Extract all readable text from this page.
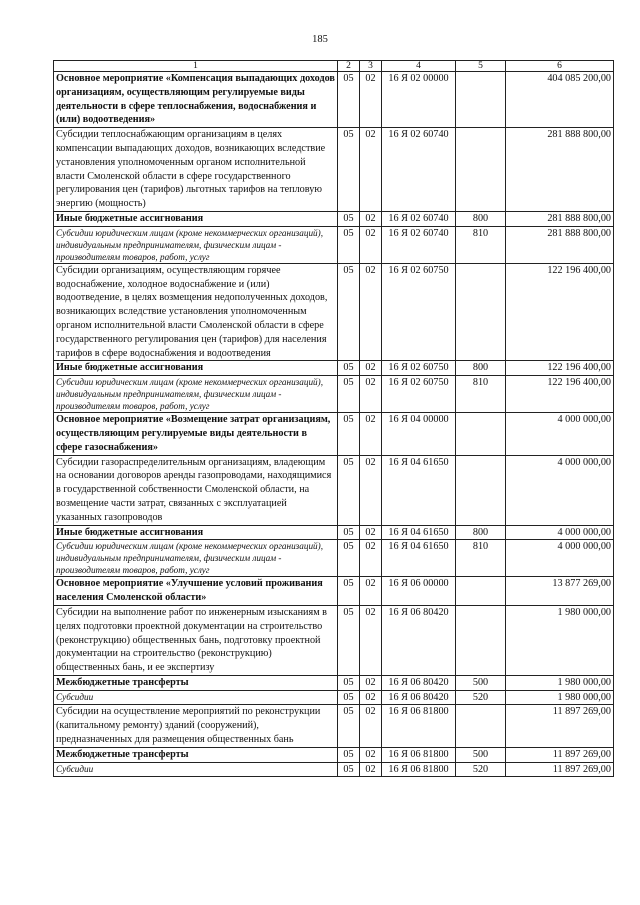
185
1	2	3	4	5	6
Основное мероприятие «Компенсация выпадающих доходов организациям, осуществляющим регулируемые виды деятельности в сфере теплоснабжения, водоснабжения и (или) водоотведения»	05	02	16 Я 02 00000		404 085 200,00
Субсидии теплоснабжающим организациям в целях компенсации выпадающих доходов, возникающих вследствие установления уполномоченным органом исполнительной власти Смоленской области в сфере государственного регулирования цен (тарифов) льготных тарифов на тепловую энергию (мощность)	05	02	16 Я 02 60740		281 888 800,00
Иные бюджетные ассигнования	05	02	16 Я 02 60740	800	281 888 800,00
Субсидии юридическим лицам (кроме некоммерческих организаций), индивидуальным предпринимателям, физическим лицам - производителям товаров, работ, услуг	05	02	16 Я 02 60740	810	281 888 800,00
Субсидии организациям, осуществляющим горячее водоснабжение, холодное водоснабжение и (или) водоотведение, в целях возмещения недополученных доходов, возникающих вследствие установления уполномоченным органом исполнительной власти Смоленской области в сфере государственного регулирования цен (тарифов) для населения тарифов в сфере водоснабжения и водоотведения	05	02	16 Я 02 60750		122 196 400,00
Иные бюджетные ассигнования	05	02	16 Я 02 60750	800	122 196 400,00
Субсидии юридическим лицам (кроме некоммерческих организаций), индивидуальным предпринимателям, физическим лицам - производителям товаров, работ, услуг	05	02	16 Я 02 60750	810	122 196 400,00
Основное мероприятие «Возмещение затрат организациям, осуществляющим регулируемые виды деятельности в сфере газоснабжения»	05	02	16 Я 04 00000		4 000 000,00
Субсидии газораспределительным организациям, владеющим на основании договоров аренды газопроводами, находящимися в государственной собственности Смоленской области, на возмещение части затрат, связанных с эксплуатацией указанных газопроводов	05	02	16 Я 04 61650		4 000 000,00
Иные бюджетные ассигнования	05	02	16 Я 04 61650	800	4 000 000,00
Субсидии юридическим лицам (кроме некоммерческих организаций), индивидуальным предпринимателям, физическим лицам - производителям товаров, работ, услуг	05	02	16 Я 04 61650	810	4 000 000,00
Основное мероприятие «Улучшение условий проживания населения Смоленской области»	05	02	16 Я 06 00000		13 877 269,00
Субсидии на выполнение работ по инженерным изысканиям в целях подготовки проектной документации на строительство (реконструкцию) общественных бань, подготовку проектной документации на строительство (реконструкцию) общественных бань, и ее экспертизу	05	02	16 Я 06 80420		1 980 000,00
Межбюджетные трансферты	05	02	16 Я 06 80420	500	1 980 000,00
Субсидии	05	02	16 Я 06 80420	520	1 980 000,00
Субсидии на осуществление мероприятий по реконструкции (капитальному ремонту) зданий (сооружений), предназначенных для размещения общественных бань	05	02	16 Я 06 81800		11 897 269,00
Межбюджетные трансферты	05	02	16 Я 06 81800	500	11 897 269,00
Субсидии	05	02	16 Я 06 81800	520	11 897 269,00
